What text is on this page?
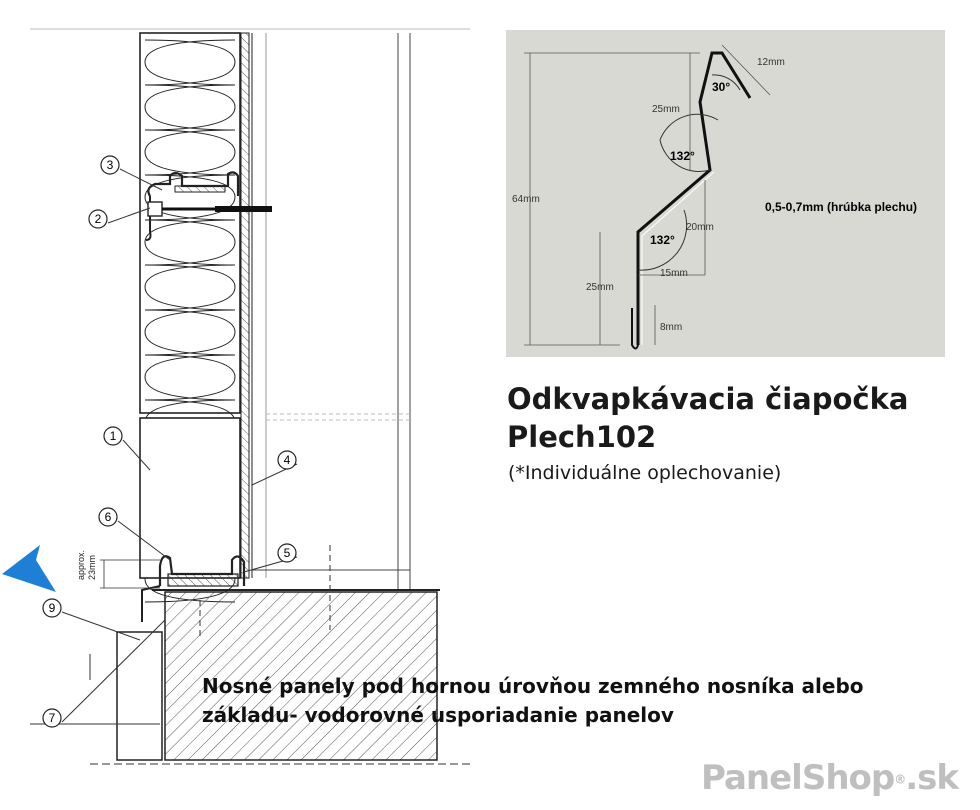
approx. 23mm
1
2
3
4
5
6
7
9
64mm
25mm
12mm
20mm
15mm
25mm
8mm
30°
132°
132°
0,5-0,7mm (hrúbka plechu)
Odkvapkávacia čiapočka
Plech102
(*Individuálne oplechovanie)
Nosné panely pod hornou úrovňou zemného nosníka alebo
základu- vodorovné usporiadanie panelov
PanelShop®.sk
